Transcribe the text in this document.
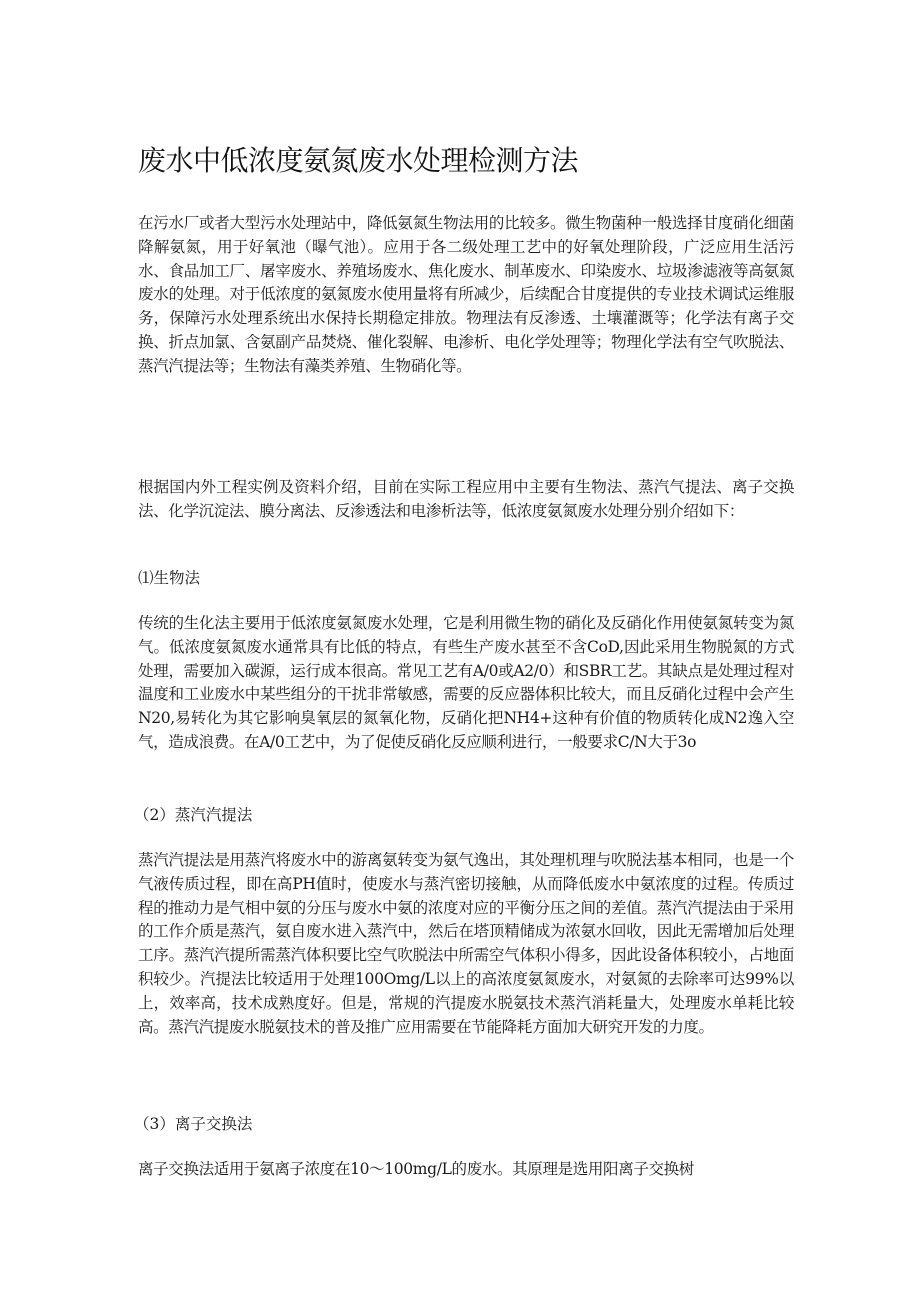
废水中低浓度氨氮废水处理检测方法

在污水厂或者大型污水处理站中，降低氨氮生物法用的比较多。微生物菌种一般选择甘度硝化细菌降解氨氮，用于好氧池（曝气池）。应用于各二级处理工艺中的好氧处理阶段，广泛应用生活污水、食品加工厂、屠宰废水、养殖场废水、焦化废水、制革废水、印染废水、垃圾渗滤液等高氨氮废水的处理。对于低浓度的氨氮废水使用量将有所减少，后续配合甘度提供的专业技术调试运维服务，保障污水处理系统出水保持长期稳定排放。物理法有反渗透、土壤灌溉等；化学法有离子交换、折点加氯、含氨副产品焚烧、催化裂解、电渗析、电化学处理等；物理化学法有空气吹脱法、蒸汽汽提法等；生物法有藻类养殖、生物硝化等。

根据国内外工程实例及资料介绍，目前在实际工程应用中主要有生物法、蒸汽气提法、离子交换法、化学沉淀法、膜分离法、反渗透法和电渗析法等，低浓度氨氮废水处理分别介绍如下：

⑴生物法

传统的生化法主要用于低浓度氨氮废水处理，它是利用微生物的硝化及反硝化作用使氨氮转变为氮气。低浓度氨氮废水通常具有比低的特点，有些生产废水甚至不含CoD,因此采用生物脱氮的方式处理，需要加入碳源，运行成本很高。常见工艺有A/0或A2/0）和SBR工艺。其缺点是处理过程对温度和工业废水中某些组分的干扰非常敏感，需要的反应器体积比较大，而且反硝化过程中会产生N20,易转化为其它影响臭氧层的氮氧化物，反硝化把NH4+这种有价值的物质转化成N2逸入空气，造成浪费。在A/0工艺中，为了促使反硝化反应顺利进行，一般要求C/N大于3o

（2）蒸汽汽提法

蒸汽汽提法是用蒸汽将废水中的游离氨转变为氨气逸出，其处理机理与吹脱法基本相同，也是一个气液传质过程，即在高PH值时，使废水与蒸汽密切接触，从而降低废水中氨浓度的过程。传质过程的推动力是气相中氨的分压与废水中氨的浓度对应的平衡分压之间的差值。蒸汽汽提法由于采用的工作介质是蒸汽，氨自废水进入蒸汽中，然后在塔顶精储成为浓氨水回收，因此无需增加后处理工序。蒸汽汽提所需蒸汽体积要比空气吹脱法中所需空气体积小得多，因此设备体积较小，占地面积较少。汽提法比较适用于处理100Omg/L以上的高浓度氨氮废水，对氨氮的去除率可达99%以上，效率高，技术成熟度好。但是，常规的汽提废水脱氨技术蒸汽消耗量大，处理废水单耗比较高。蒸汽汽提废水脱氨技术的普及推广应用需要在节能降耗方面加大研究开发的力度。

（3）离子交换法

离子交换法适用于氨离子浓度在10～100mg/L的废水。其原理是选用阳离子交换树
